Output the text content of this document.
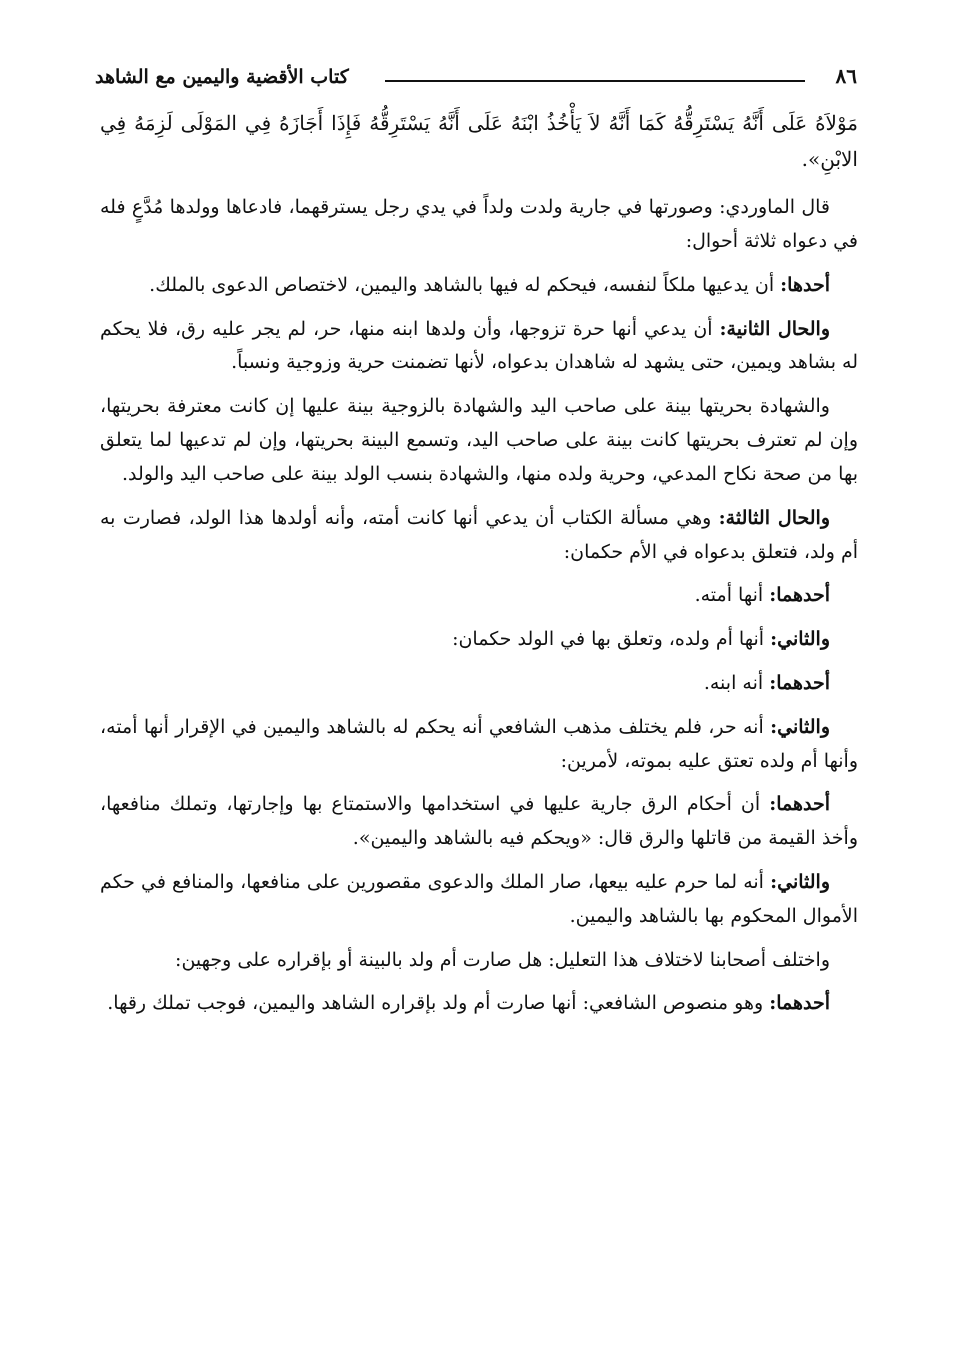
٨٦
كتاب الأقضية واليمين مع الشاهد

مَوْلاَهُ عَلَى أَنَّهُ يَسْتَرِقُّهُ كَمَا أَنَّهُ لاَ يَأْخُذُ ابْنَهُ عَلَى أَنَّهُ يَسْتَرِقُّهُ فَإِذَا أَجَازَهُ فِي المَوْلَى لَزِمَهُ فِي الابْنِ».

قال الماوردي: وصورتها في جارية ولدت ولداً في يدي رجل يسترقهما، فادعاها وولدها مُدَّعٍ فله في دعواه ثلاثة أحوال:

أحدها: أن يدعيها ملكاً لنفسه، فيحكم له فيها بالشاهد واليمين، لاختصاص الدعوى بالملك.

والحال الثانية: أن يدعي أنها حرة تزوجها، وأن ولدها ابنه منها، حر، لم يجر عليه رق، فلا يحكم له بشاهد ويمين، حتى يشهد له شاهدان بدعواه، لأنها تضمنت حرية وزوجية ونسباً.

والشهادة بحريتها بينة على صاحب اليد والشهادة بالزوجية بينة عليها إن كانت معترفة بحريتها، وإن لم تعترف بحريتها كانت بينة على صاحب اليد، وتسمع البينة بحريتها، وإن لم تدعيها لما يتعلق بها من صحة نكاح المدعي، وحرية ولده منها، والشهادة بنسب الولد بينة على صاحب اليد والولد.

والحال الثالثة: وهي مسألة الكتاب أن يدعي أنها كانت أمته، وأنه أولدها هذا الولد، فصارت به أم ولد، فتعلق بدعواه في الأم حكمان:

أحدهما: أنها أمته.

والثاني: أنها أم ولده، وتعلق بها في الولد حكمان:

أحدهما: أنه ابنه.

والثاني: أنه حر، فلم يختلف مذهب الشافعي أنه يحكم له بالشاهد واليمين في الإقرار أنها أمته، وأنها أم ولده تعتق عليه بموته، لأمرين:

أحدهما: أن أحكام الرق جارية عليها في استخدامها والاستمتاع بها وإجارتها، وتملك منافعها، وأخذ القيمة من قاتلها والرق قال: «ويحكم فيه بالشاهد واليمين».

والثاني: أنه لما حرم عليه بيعها، صار الملك والدعوى مقصورين على منافعها، والمنافع في حكم الأموال المحكوم بها بالشاهد واليمين.

واختلف أصحابنا لاختلاف هذا التعليل: هل صارت أم ولد بالبينة أو بإقراره على وجهين:

أحدهما: وهو منصوص الشافعي: أنها صارت أم ولد بإقراره الشاهد واليمين، فوجب تملك رقها.
